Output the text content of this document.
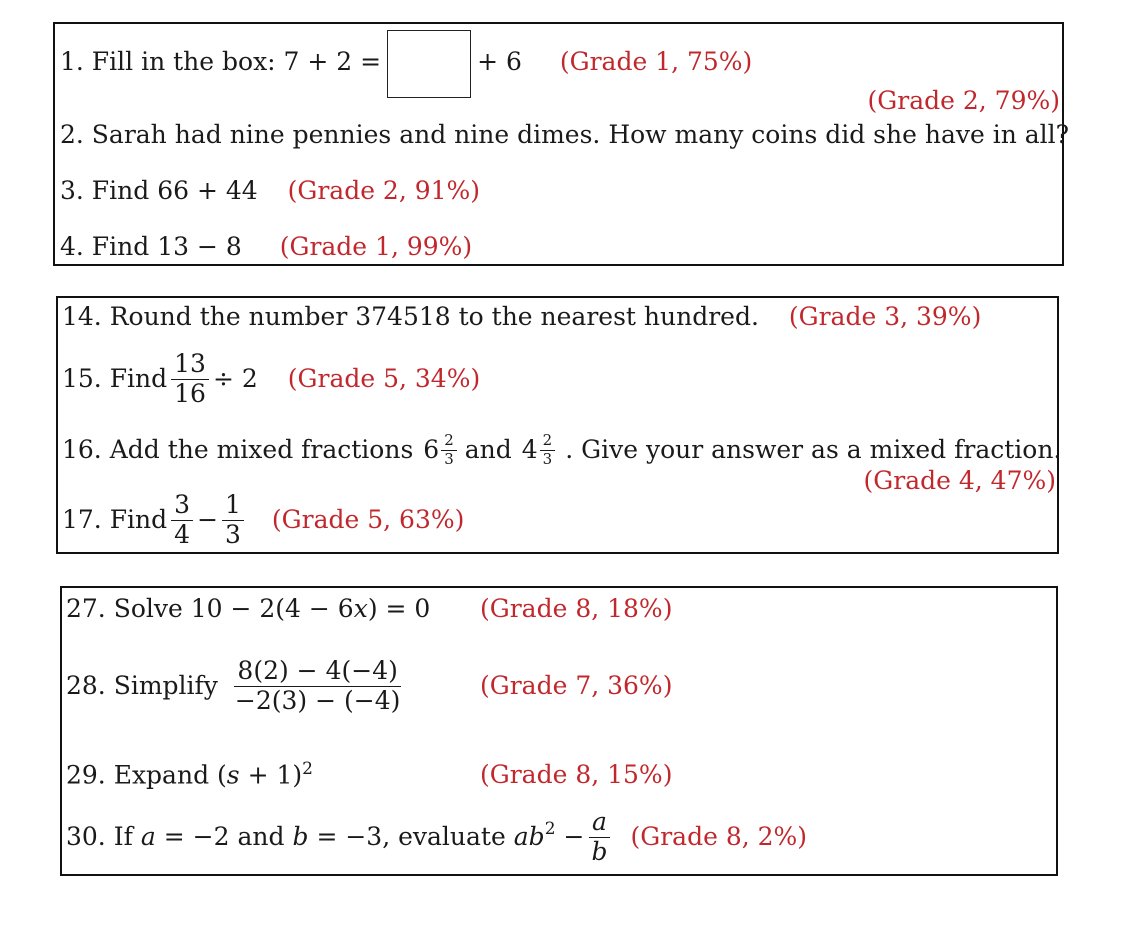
1. Fill in the box: 7 + 2 =	+ 6 (Grade 1, 75%)
(Grade 2, 79%)
2. Sarah had nine pennies and nine dimes. How many coins did she have in all?
3. Find 66 + 44 (Grade 2, 91%)
4. Find 13 − 8 (Grade 1, 99%)
14. Round the number 374518 to the nearest hundred. (Grade 3, 39%)
15. Find $\frac{13}{16} \div 2$ (Grade 5, 34%)
16. Add the mixed fractions $6 \frac{2}{3}$ and $4 \frac{2}{3}$ . Give your answer as a mixed fraction.
(Grade 4, 47%)
17. Find $\frac{3}{4} - \frac{1}{3}$ (Grade 5, 63%)
27. Solve 10 − 2(4 − 6x) = 0 (Grade 8, 18%)
28. Simplify $\frac{8(2) - 4(-4)}{-2(3) - (-4)}$	(Grade 7, 36%)
29. Expand $(s + 1)^2$	(Grade 8, 15%)
30. If a = −2 and b = −3, evaluate $ab^2 - \frac{a}{b}$ (Grade 8, 2%)
